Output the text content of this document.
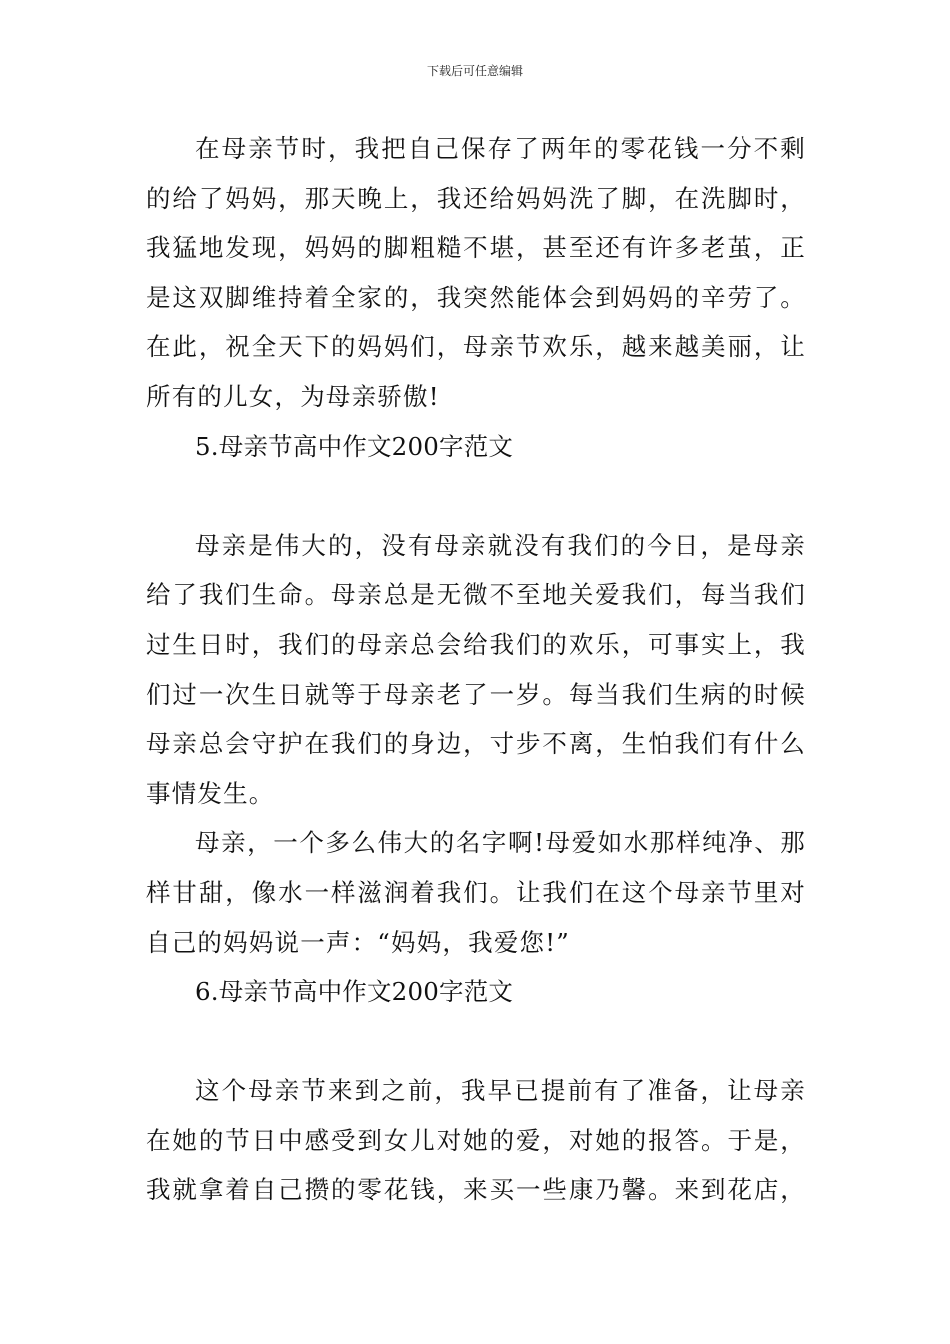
下载后可任意编辑

在母亲节时，我把自己保存了两年的零花钱一分不剩的给了妈妈，那天晚上，我还给妈妈洗了脚，在洗脚时，我猛地发现，妈妈的脚粗糙不堪，甚至还有许多老茧，正是这双脚维持着全家的，我突然能体会到妈妈的辛劳了。在此，祝全天下的妈妈们，母亲节欢乐，越来越美丽，让所有的儿女，为母亲骄傲!

5.母亲节高中作文200字范文

母亲是伟大的，没有母亲就没有我们的今日，是母亲给了我们生命。母亲总是无微不至地关爱我们，每当我们过生日时，我们的母亲总会给我们的欢乐，可事实上，我们过一次生日就等于母亲老了一岁。每当我们生病的时候母亲总会守护在我们的身边，寸步不离，生怕我们有什么事情发生。

母亲，一个多么伟大的名字啊!母爱如水那样纯净、那样甘甜，像水一样滋润着我们。让我们在这个母亲节里对自己的妈妈说一声：“妈妈，我爱您!”

6.母亲节高中作文200字范文

这个母亲节来到之前，我早已提前有了准备，让母亲在她的节日中感受到女儿对她的爱，对她的报答。于是，我就拿着自己攒的零花钱，来买一些康乃馨。来到花店，
